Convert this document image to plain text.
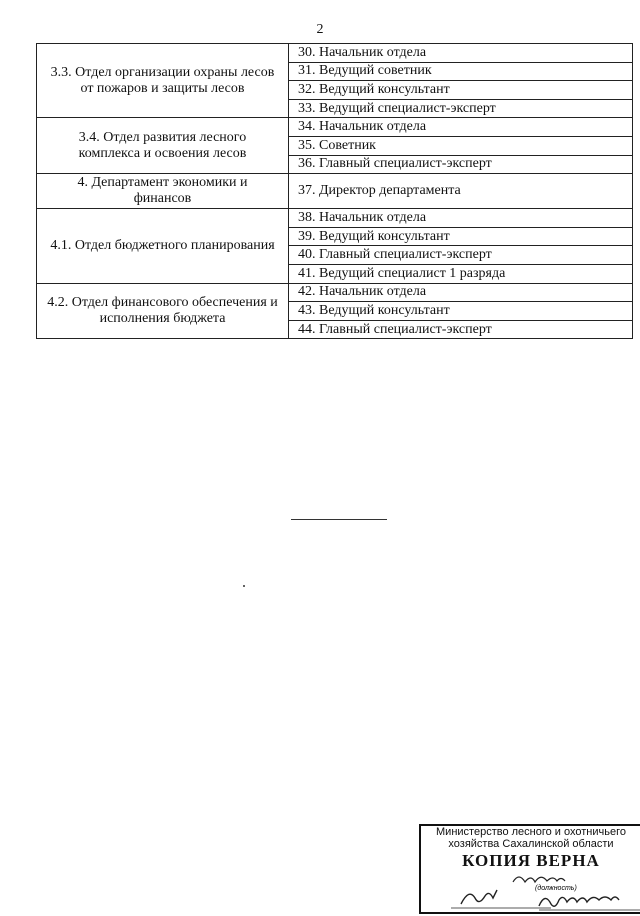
2
3.3. Отдел организации охраны лесов от пожаров и защиты лесов	30. Начальник отдела
	31. Ведущий советник
	32. Ведущий консультант
	33. Ведущий специалист-эксперт
3.4. Отдел развития лесного комплекса и освоения лесов	34. Начальник отдела
	35. Советник
	36. Главный специалист-эксперт
4. Департамент экономики и финансов	37. Директор департамента
4.1. Отдел бюджетного планирования	38. Начальник отдела
	39. Ведущий консультант
	40. Главный специалист-эксперт
	41. Ведущий специалист 1 разряда
4.2. Отдел финансового обеспечения и исполнения бюджета	42. Начальник отдела
	43. Ведущий консультант
	44. Главный специалист-эксперт
Министерство лесного и охотничьего
хозяйства Сахалинской области
КОПИЯ ВЕРНА
(должность)
